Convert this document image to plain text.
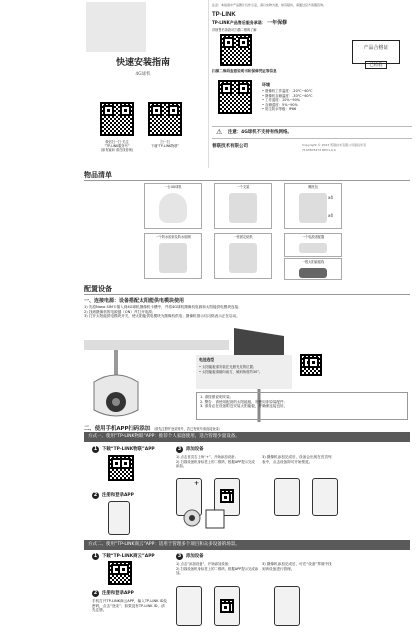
快速安装指南
4G球机
微信扫一扫 关注
“TP-LINK服务号”
(如有疑问 请在线咨询)
扫一扫
下载“TP-LINK物联”
注意：本指南中产品图片仅作示意，请以实物为准，如有疑问，请通过官方客服咨询。
TP-LINK
TP-LINK产品售后服务承诺： 一年保修
详细售后条款可扫描二维码了解
产品合格证
已检验
扫描二维码查看说明书和保修凭证等信息
环境
• 摄像机工作温度：-20℃~60℃
• 摄像机存储温度：-30℃~60℃
• 工作湿度：10%~90%
• 存储湿度：5%~90%
• 防尘防水等级：IP66
⚠ 注意：4G球机不支持有线网络。
普联技术有限公司	Copyright © 2023 普联技术有限公司版权所有
7103505473 REV1.0.0
物品清单
一台4G球机	一个支架	螺丝包
一个防水胶套及防水胶圈	一张固定贴纸	一个电源适配器
一根太阳能板线
x4
x4
配置设备
一、连接电源：设备搭配太阳能供电模块使用
1) 先将Nano SIM卡插入到4G球机摄像机卡槽中，并将4G球机摄像机电源和太阳能供电模块连接；
2) 找到摄像机的电源键（ON）并打开电源；
3) 打开太阳能供电模块开关，使太阳能供电模块为摄像机供电；摄像机指示灯闪烁表示正在启动。
电池选型
• 太阳能板请安装在光照充足的位置；
• 太阳能板请朝向南方，倾斜角度约30°。
1. 请按照说明安装；
2. 警告：请使用配套的太阳能板，勿使用非原装配件；
3. 请务必在设备附近安装太阳能板，并确保连接良好。
二、使用手机APP扫码添加 （请先注册并登录账号，若已有账号请直接登录）
方式一、使用“TP-LINK物联”APP：推荐个人家庭使用，适合管理少量设备。
1 下载“TP-LINK物联”APP
2 注册和登录APP
3 添加设备
1) 点击首页右上角“+”，开始添加设备；
2) 扫描设备机身标签上的二维码，根据APP提示完成添加。
+
3) 摄像机添加完成后，设备会出现在首页列表中，点击设备即可开始预览。
方式二、使用“TP-LINK商云”APP：适用于管理多个项目和众多设备的场景。
1 下载“TP-LINK商云”APP
2 注册和登录APP
手机打开TP-LINK商云APP，输入TP-LINK ID及密码，点击“登录”；如果没有TP-LINK ID，请先注册。
3 添加设备
1) 点击“添加设备”，开始添加设备；
2) 扫描设备机身标签上的二维码，根据APP提示完成添加。
3) 摄像机添加完成后，可在“设备”界面中找到该设备进行管理。
